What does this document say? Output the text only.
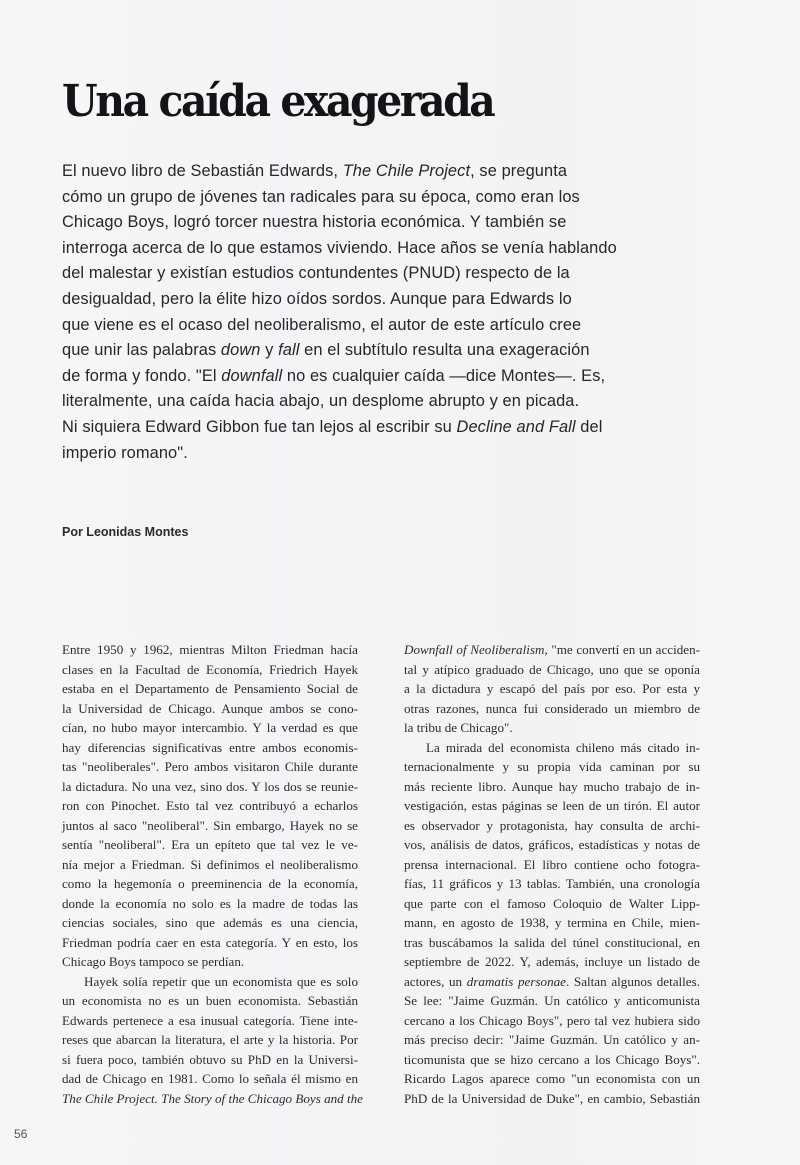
Una caída exagerada
El nuevo libro de Sebastián Edwards, The Chile Project, se pregunta
cómo un grupo de jóvenes tan radicales para su época, como eran los
Chicago Boys, logró torcer nuestra historia económica. Y también se
interroga acerca de lo que estamos viviendo. Hace años se venía hablando
del malestar y existían estudios contundentes (PNUD) respecto de la
desigualdad, pero la élite hizo oídos sordos. Aunque para Edwards lo
que viene es el ocaso del neoliberalismo, el autor de este artículo cree
que unir las palabras down y fall en el subtítulo resulta una exageración
de forma y fondo. "El downfall no es cualquier caída —dice Montes—. Es,
literalmente, una caída hacia abajo, un desplome abrupto y en picada.
Ni siquiera Edward Gibbon fue tan lejos al escribir su Decline and Fall del
imperio romano".

Por Leonidas Montes

Entre 1950 y 1962, mientras Milton Friedman hacía
clases en la Facultad de Economía, Friedrich Hayek
estaba en el Departamento de Pensamiento Social de
la Universidad de Chicago. Aunque ambos se cono-
cían, no hubo mayor intercambio. Y la verdad es que
hay diferencias significativas entre ambos economis-
tas "neoliberales". Pero ambos visitaron Chile durante
la dictadura. No una vez, sino dos. Y los dos se reunie-
ron con Pinochet. Esto tal vez contribuyó a echarlos
juntos al saco "neoliberal". Sin embargo, Hayek no se
sentía "neoliberal". Era un epíteto que tal vez le ve-
nía mejor a Friedman. Si definimos el neoliberalismo
como la hegemonía o preeminencia de la economía,
donde la economía no solo es la madre de todas las
ciencias sociales, sino que además es una ciencia,
Friedman podría caer en esta categoría. Y en esto, los
Chicago Boys tampoco se perdían.

Hayek solía repetir que un economista que es solo
un economista no es un buen economista. Sebastián
Edwards pertenece a esa inusual categoría. Tiene inte-
reses que abarcan la literatura, el arte y la historia. Por
si fuera poco, también obtuvo su PhD en la Universi-
dad de Chicago en 1981. Como lo señala él mismo en
The Chile Project. The Story of the Chicago Boys and the

Downfall of Neoliberalism, "me convertí en un acciden-
tal y atípico graduado de Chicago, uno que se oponía
a la dictadura y escapó del país por eso. Por esta y
otras razones, nunca fui considerado un miembro de
la tribu de Chicago".

La mirada del economista chileno más citado in-
ternacionalmente y su propia vida caminan por su
más reciente libro. Aunque hay mucho trabajo de in-
vestigación, estas páginas se leen de un tirón. El autor
es observador y protagonista, hay consulta de archi-
vos, análisis de datos, gráficos, estadísticas y notas de
prensa internacional. El libro contiene ocho fotogra-
fías, 11 gráficos y 13 tablas. También, una cronología
que parte con el famoso Coloquio de Walter Lipp-
mann, en agosto de 1938, y termina en Chile, mien-
tras buscábamos la salida del túnel constitucional, en
septiembre de 2022. Y, además, incluye un listado de
actores, un dramatis personae. Saltan algunos detalles.
Se lee: "Jaime Guzmán. Un católico y anticomunista
cercano a los Chicago Boys", pero tal vez hubiera sido
más preciso decir: "Jaime Guzmán. Un católico y an-
ticomunista que se hizo cercano a los Chicago Boys".
Ricardo Lagos aparece como "un economista con un
PhD de la Universidad de Duke", en cambio, Sebastián

56
